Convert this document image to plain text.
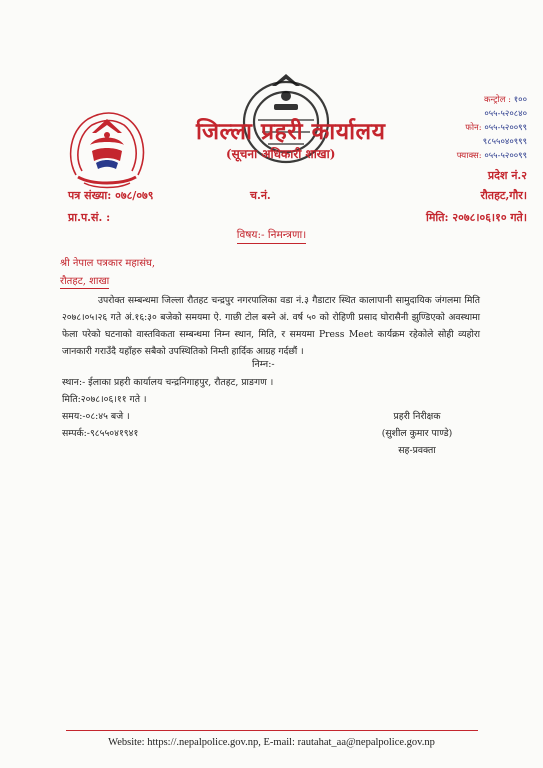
जिल्ला प्रहरी कार्यालय
(सूचना अधिकारी शाखा)
कन्ट्रोल : १००
०५५-५२०८४०
फोन: ०५५-५२००९९
९८५५०४०९९९
फ्याक्स: ०५५-५२००९९
प्रदेश नं.२
पत्र संख्या: ०७८/०७९	च.नं.	रौतहट,गौर।
प्रा.प.सं. :	मिति: २०७८।०६।१० गते।
विषय:- निमन्त्रणा।
श्री नेपाल पत्रकार महासंघ,
रौतहट, शाखा

उपरोक्त सम्बन्धमा जिल्ला रौतहट चन्द्रपुर नगरपालिका वडा नं.३ गैडाटार स्थित कालापानी सामुदायिक जंगलमा मिति २०७८।०५।२६ गते अं.१६:३० बजेको समयमा ऐ. गाछी टोल बस्ने अं. वर्ष ५० को रोहिणी प्रसाद घोरासैनी झुण्डिएको अवस्थामा फेला परेको घटनाको वास्तविकता सम्बन्धमा निम्न स्थान, मिति, र समयमा Press Meet कार्यक्रम रहेकोले सोही व्यहोरा जानकारी गराउँदै यहाँहरु सबैको उपस्थितिको निम्ती हार्दिक आग्रह गर्दछौं ।

निम्न:-
स्थान:- ईलाका प्रहरी कार्यालय चन्द्रनिगाहपुर, रौतहट, प्राङगण ।
मिति:२०७८।०६।११ गते ।
समय:-०८:४५ बजे ।
सम्पर्क:-९८५५०४१९४१
प्रहरी निरीक्षक
(सुशील कुमार पाण्डे)
सह-प्रवक्ता
Website: https://.nepalpolice.gov.np, E-mail: rautahat_aa@nepalpolice.gov.np
